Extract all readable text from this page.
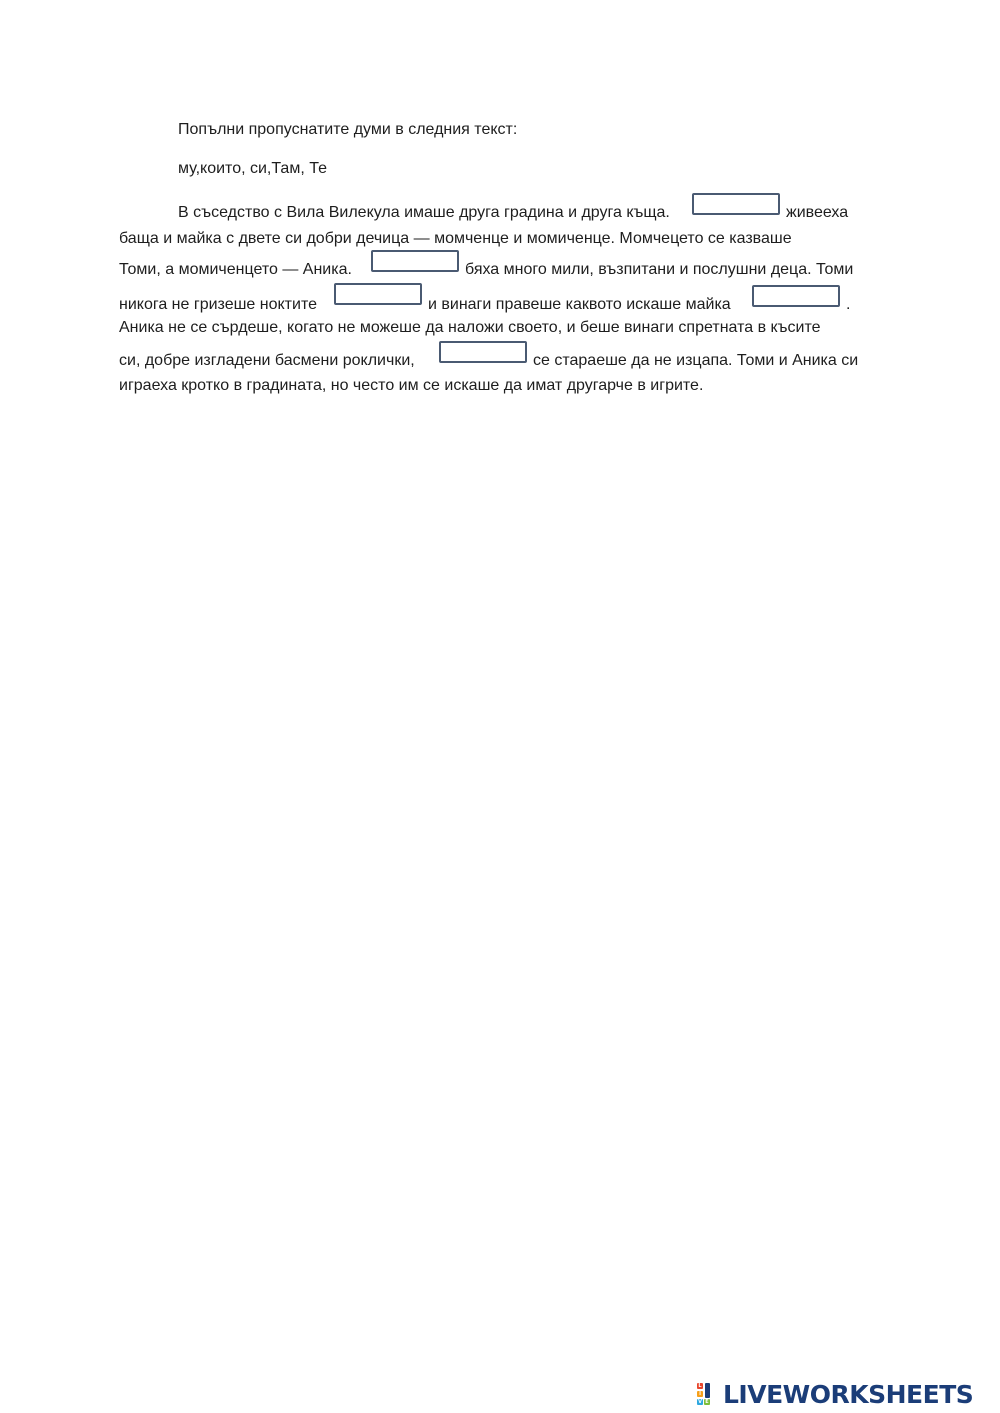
Попълни пропуснатите думи в следния текст:
му,които, си,Там, Те
В съседство с Вила Вилекула имаше друга градина и друга къща.	живееха
баща и майка с двете си добри дечица — момченце и момиченце. Момчецето се казваше
Томи, а момиченцето — Аника.	бяха много мили, възпитани и послушни деца. Томи
никога не гризеше ноктите	и винаги правеше каквото искаше майка	.
Аника не се сърдеше, когато не можеше да наложи своето, и беше винаги спретната в късите
си, добре изгладени басмени роклички,	се стараеше да не изцапа. Томи и Аника си
играеха кротко в градината, но често им се искаше да имат другарче в игрите.
L
I
V E LIVEWORKSHEETS
